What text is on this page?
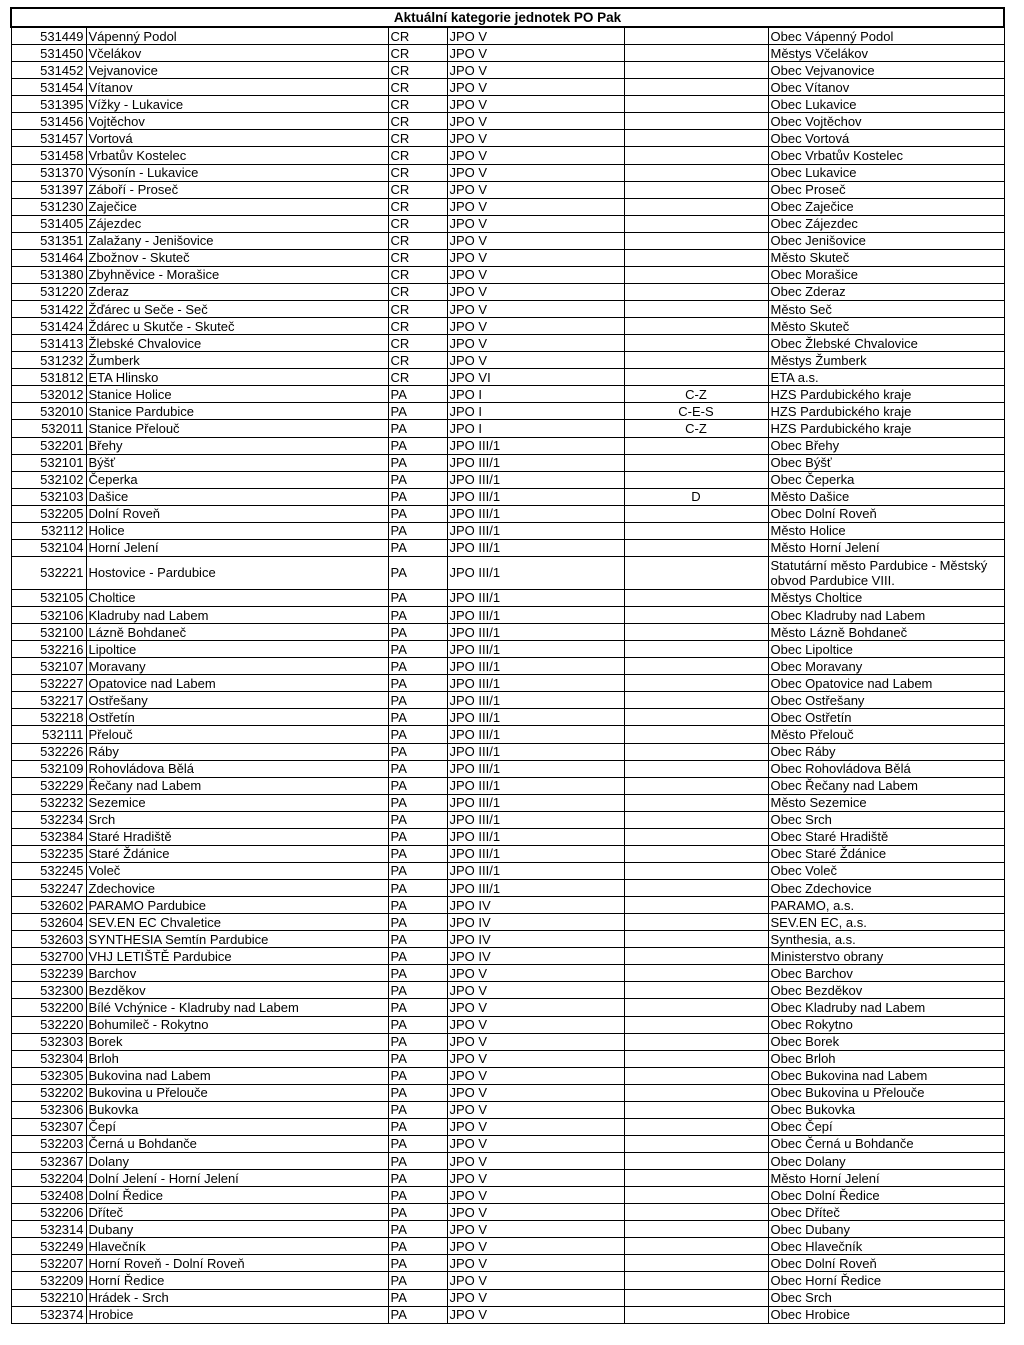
Aktuální kategorie jednotek PO Pak					
531449	Vápenný Podol	CR	JPO V		Obec Vápenný Podol
531450	Včelákov	CR	JPO V		Městys Včelákov
531452	Vejvanovice	CR	JPO V		Obec Vejvanovice
531454	Vítanov	CR	JPO V		Obec Vítanov
531395	Vížky - Lukavice	CR	JPO V		Obec Lukavice
531456	Vojtěchov	CR	JPO V		Obec Vojtěchov
531457	Vortová	CR	JPO V		Obec Vortová
531458	Vrbatův Kostelec	CR	JPO V		Obec Vrbatův Kostelec
531370	Výsonín - Lukavice	CR	JPO V		Obec Lukavice
531397	Záboří - Proseč	CR	JPO V		Obec Proseč
531230	Zaječice	CR	JPO V		Obec Zaječice
531405	Zájezdec	CR	JPO V		Obec Zájezdec
531351	Zalažany - Jenišovice	CR	JPO V		Obec Jenišovice
531464	Zbožnov - Skuteč	CR	JPO V		Město Skuteč
531380	Zbyhněvice - Morašice	CR	JPO V		Obec Morašice
531220	Zderaz	CR	JPO V		Obec Zderaz
531422	Žďárec u Seče - Seč	CR	JPO V		Město Seč
531424	Ždárec u Skutče - Skuteč	CR	JPO V		Město Skuteč
531413	Žlebské Chvalovice	CR	JPO V		Obec Žlebské Chvalovice
531232	Žumberk	CR	JPO V		Městys Žumberk
531812	ETA Hlinsko	CR	JPO VI		ETA a.s.
532012	Stanice Holice	PA	JPO I	C-Z	HZS Pardubického kraje
532010	Stanice Pardubice	PA	JPO I	C-E-S	HZS Pardubického kraje
532011	Stanice Přelouč	PA	JPO I	C-Z	HZS Pardubického kraje
532201	Břehy	PA	JPO III/1		Obec Břehy
532101	Býšť	PA	JPO III/1		Obec Býšť
532102	Čeperka	PA	JPO III/1		Obec Čeperka
532103	Dašice	PA	JPO III/1	D	Město Dašice
532205	Dolní Roveň	PA	JPO III/1		Obec Dolní Roveň
532112	Holice	PA	JPO III/1		Město Holice
532104	Horní Jelení	PA	JPO III/1		Město Horní Jelení
532221	Hostovice - Pardubice	PA	JPO III/1		Statutární město Pardubice - Městský obvod Pardubice VIII.
532105	Choltice	PA	JPO III/1		Městys Choltice
532106	Kladruby nad Labem	PA	JPO III/1		Obec Kladruby nad Labem
532100	Lázně Bohdaneč	PA	JPO III/1		Město Lázně Bohdaneč
532216	Lipoltice	PA	JPO III/1		Obec Lipoltice
532107	Moravany	PA	JPO III/1		Obec Moravany
532227	Opatovice nad Labem	PA	JPO III/1		Obec Opatovice nad Labem
532217	Ostřešany	PA	JPO III/1		Obec Ostřešany
532218	Ostřetín	PA	JPO III/1		Obec Ostřetín
532111	Přelouč	PA	JPO III/1		Město Přelouč
532226	Ráby	PA	JPO III/1		Obec Ráby
532109	Rohovládova Bělá	PA	JPO III/1		Obec Rohovládova Bělá
532229	Řečany nad Labem	PA	JPO III/1		Obec Řečany nad Labem
532232	Sezemice	PA	JPO III/1		Město Sezemice
532234	Srch	PA	JPO III/1		Obec Srch
532384	Staré Hradiště	PA	JPO III/1		Obec Staré Hradiště
532235	Staré Ždánice	PA	JPO III/1		Obec Staré Ždánice
532245	Voleč	PA	JPO III/1		Obec Voleč
532247	Zdechovice	PA	JPO III/1		Obec Zdechovice
532602	PARAMO Pardubice	PA	JPO IV		PARAMO, a.s.
532604	SEV.EN EC Chvaletice	PA	JPO IV		SEV.EN EC, a.s.
532603	SYNTHESIA Semtín Pardubice	PA	JPO IV		Synthesia, a.s.
532700	VHJ LETIŠTĚ Pardubice	PA	JPO IV		Ministerstvo obrany
532239	Barchov	PA	JPO V		Obec Barchov
532300	Bezděkov	PA	JPO V		Obec Bezděkov
532200	Bílé Vchýnice - Kladruby nad Labem	PA	JPO V		Obec Kladruby nad Labem
532220	Bohumileč - Rokytno	PA	JPO V		Obec Rokytno
532303	Borek	PA	JPO V		Obec Borek
532304	Brloh	PA	JPO V		Obec Brloh
532305	Bukovina nad Labem	PA	JPO V		Obec Bukovina nad Labem
532202	Bukovina u Přelouče	PA	JPO V		Obec Bukovina u Přelouče
532306	Bukovka	PA	JPO V		Obec Bukovka
532307	Čepí	PA	JPO V		Obec Čepí
532203	Černá u Bohdanče	PA	JPO V		Obec Černá u Bohdanče
532367	Dolany	PA	JPO V		Obec Dolany
532204	Dolní Jelení - Horní Jelení	PA	JPO V		Město Horní Jelení
532408	Dolní Ředice	PA	JPO V		Obec Dolní Ředice
532206	Dříteč	PA	JPO V		Obec Dříteč
532314	Dubany	PA	JPO V		Obec Dubany
532249	Hlavečník	PA	JPO V		Obec Hlavečník
532207	Horní Roveň - Dolní Roveň	PA	JPO V		Obec Dolní Roveň
532209	Horní Ředice	PA	JPO V		Obec Horní Ředice
532210	Hrádek - Srch	PA	JPO V		Obec Srch
532374	Hrobice	PA	JPO V		Obec Hrobice
